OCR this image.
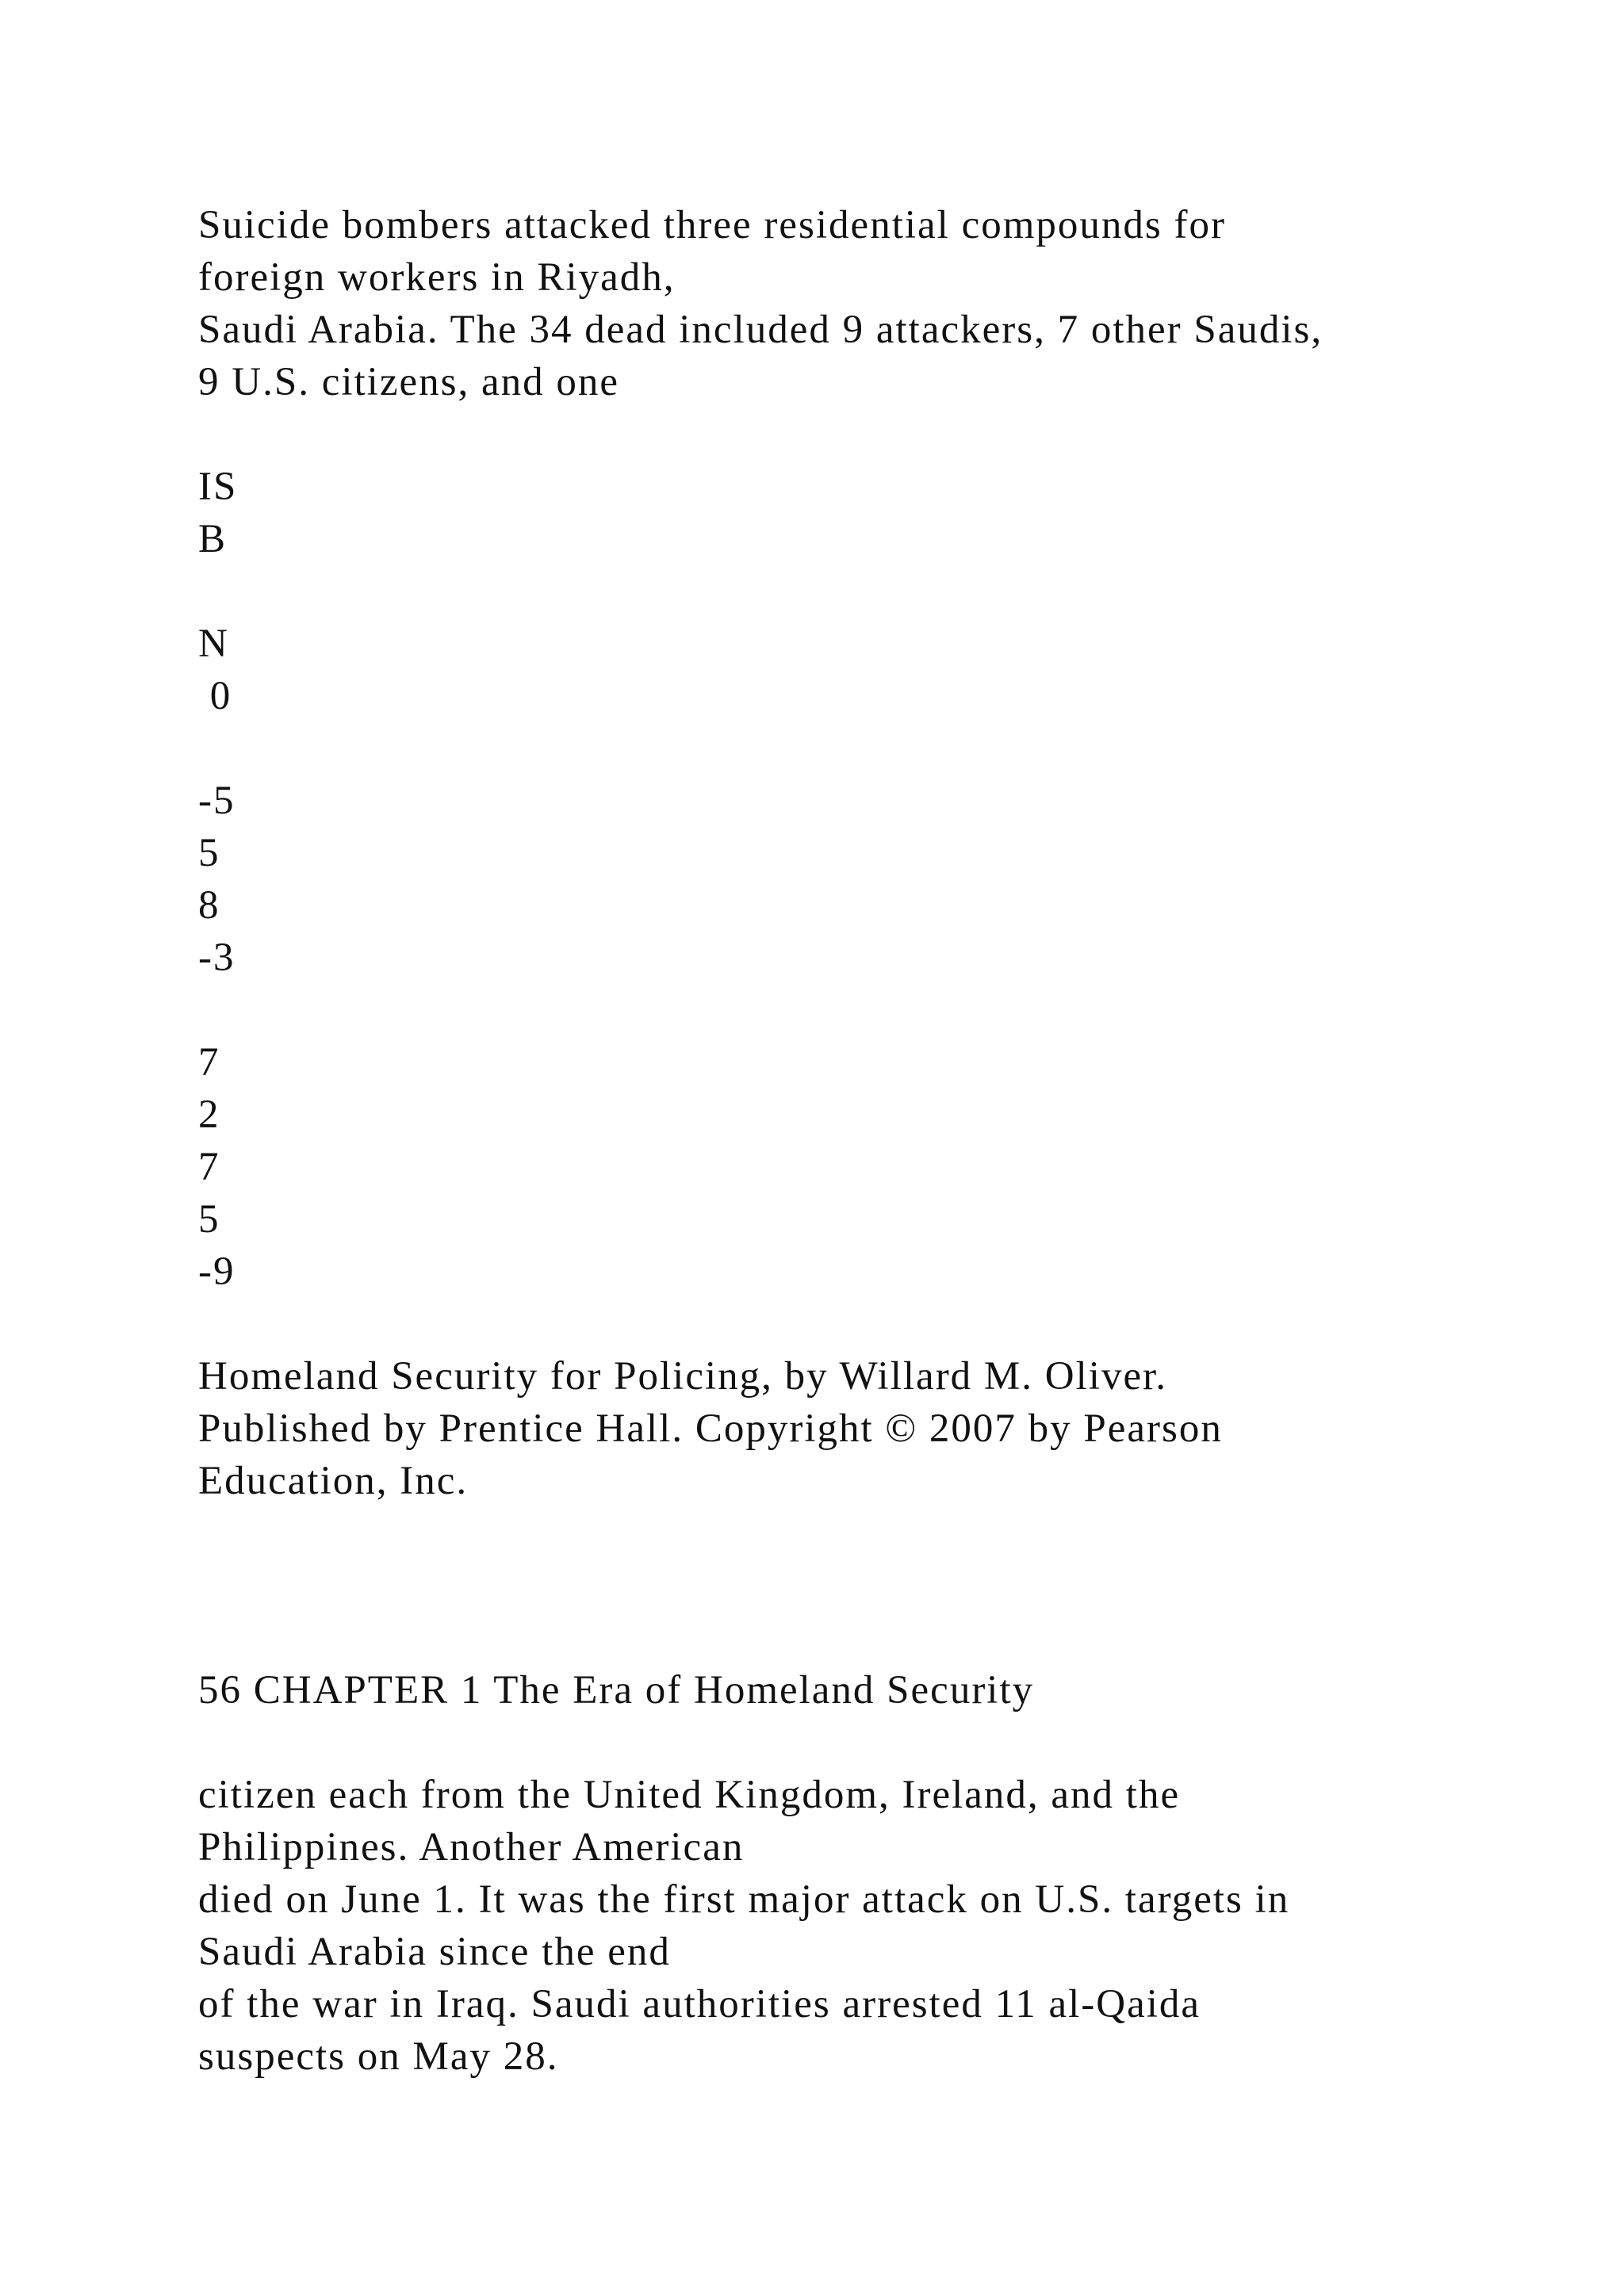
Suicide bombers attacked three residential compounds for
foreign workers in Riyadh,
Saudi Arabia. The 34 dead included 9 attackers, 7 other Saudis,
9 U.S. citizens, and one
IS
B
N
0
-5
5
8
-3
7
2
7
5
-9
Homeland Security for Policing, by Willard M. Oliver.
Published by Prentice Hall. Copyright © 2007 by Pearson
Education, Inc.
56 CHAPTER 1 The Era of Homeland Security
citizen each from the United Kingdom, Ireland, and the
Philippines. Another American
died on June 1. It was the first major attack on U.S. targets in
Saudi Arabia since the end
of the war in Iraq. Saudi authorities arrested 11 al-Qaida
suspects on May 28.
